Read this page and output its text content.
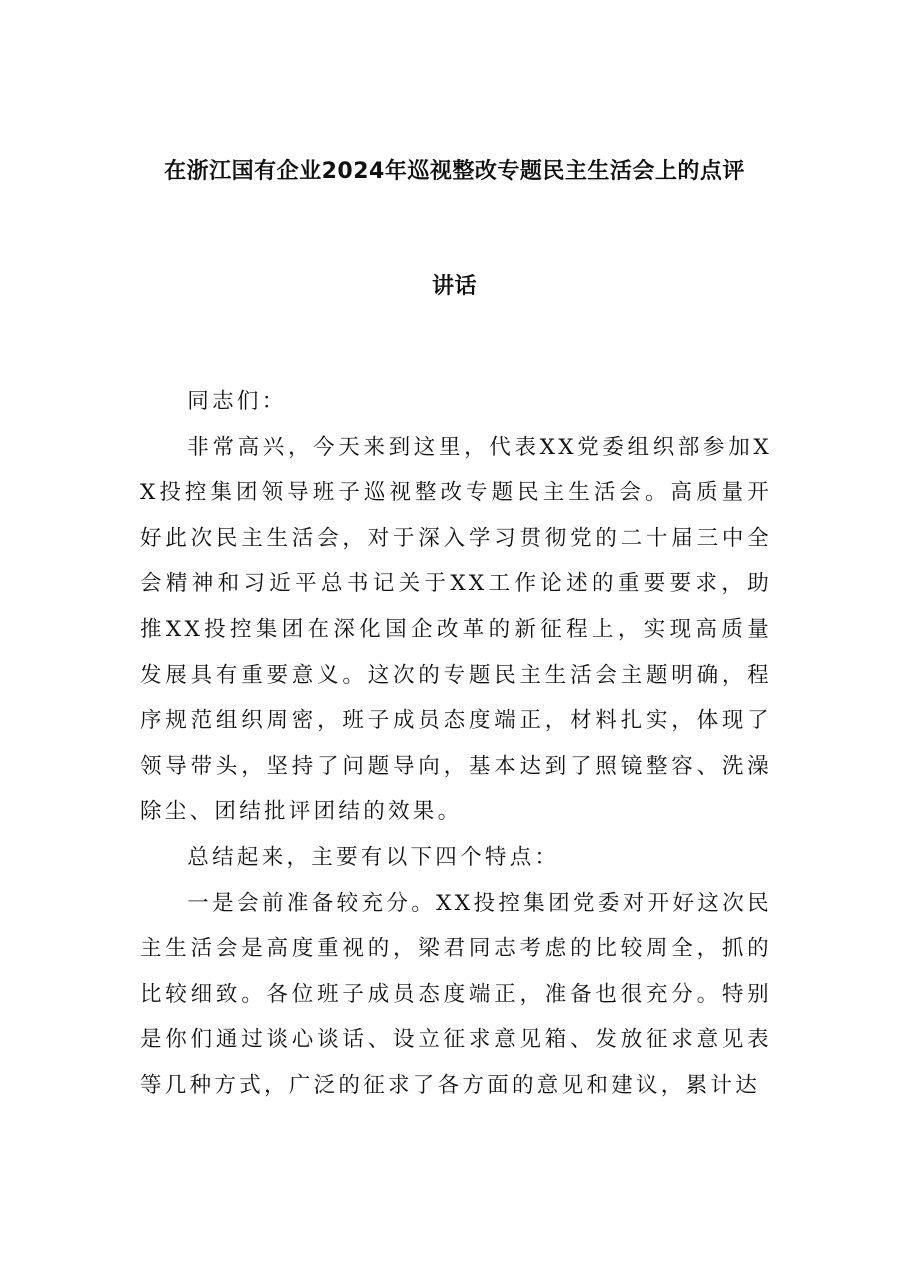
在浙江国有企业2024年巡视整改专题民主生活会上的点评
讲话

同志们：

非常高兴，今天来到这里，代表XX党委组织部参加XX投控集团领导班子巡视整改专题民主生活会。高质量开好此次民主生活会，对于深入学习贯彻党的二十届三中全会精神和习近平总书记关于XX工作论述的重要要求，助推XX投控集团在深化国企改革的新征程上，实现高质量发展具有重要意义。这次的专题民主生活会主题明确，程序规范组织周密，班子成员态度端正，材料扎实，体现了领导带头，坚持了问题导向，基本达到了照镜整容、洗澡除尘、团结批评团结的效果。

总结起来，主要有以下四个特点：

一是会前准备较充分。XX投控集团党委对开好这次民主生活会是高度重视的，梁君同志考虑的比较周全，抓的比较细致。各位班子成员态度端正，准备也很充分。特别是你们通过谈心谈话、设立征求意见箱、发放征求意见表等几种方式，广泛的征求了各方面的意见和建议，累计达
